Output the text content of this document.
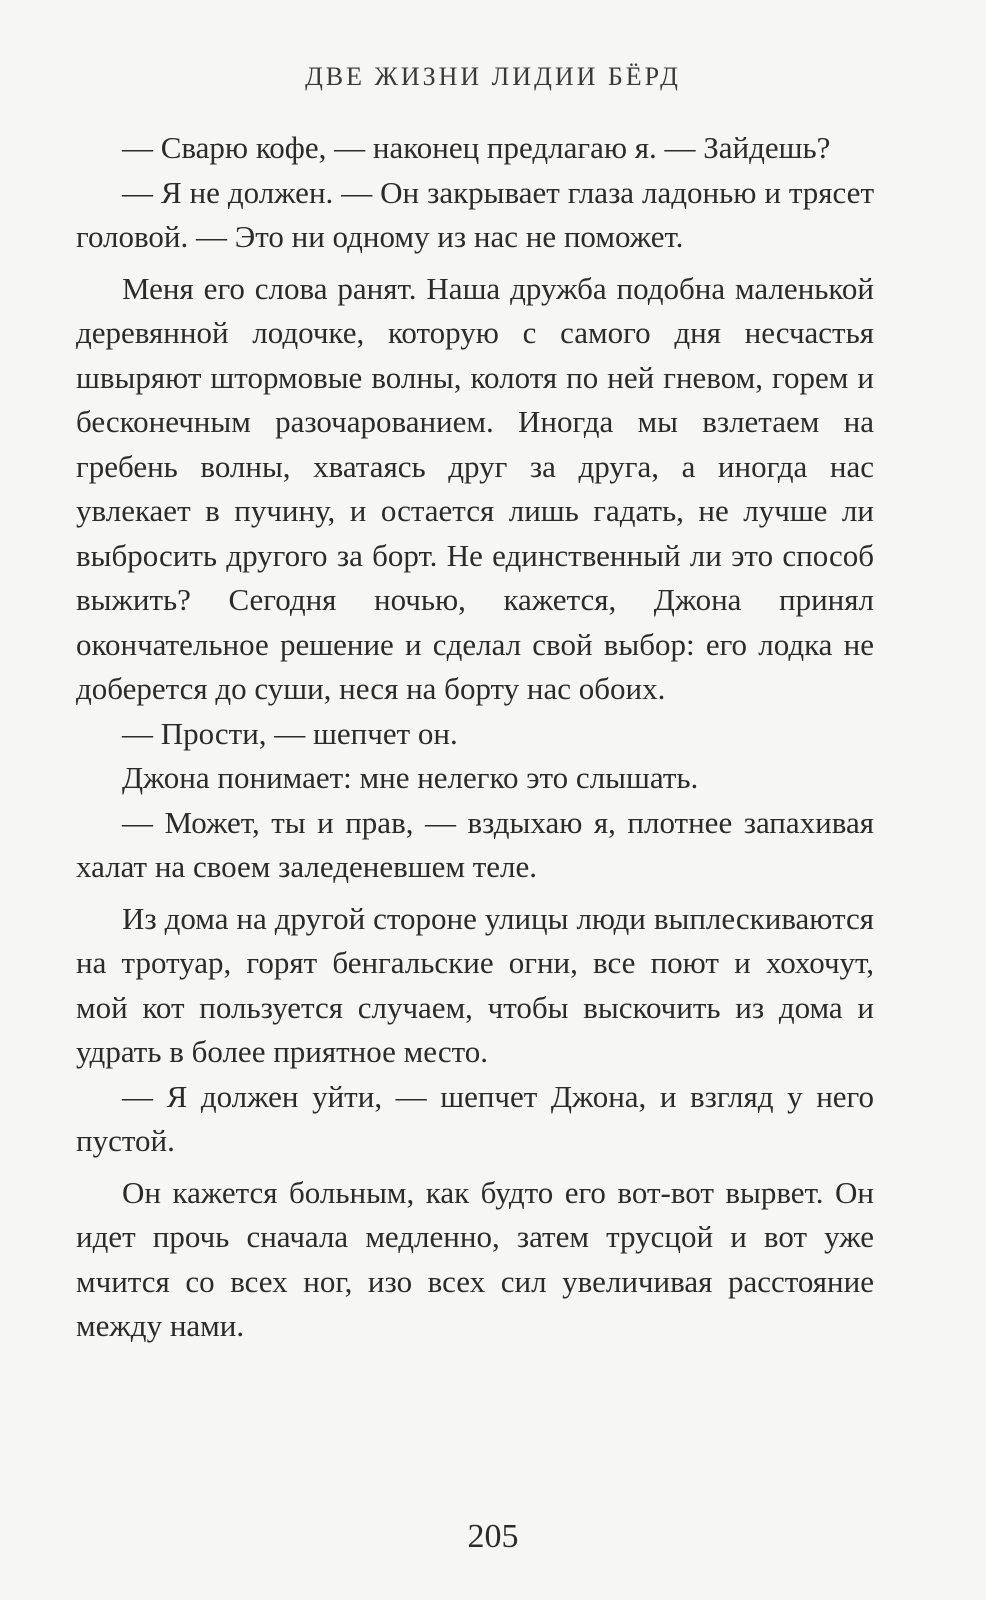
ДВЕ ЖИЗНИ ЛИДИИ БЁРД

— Сварю кофе, — наконец предлагаю я. — Зайдешь?

— Я не должен. — Он закрывает глаза ладонью и трясет головой. — Это ни одному из нас не поможет.

Меня его слова ранят. Наша дружба подобна маленькой деревянной лодочке, которую с самого дня несчастья швыряют штормовые волны, колотя по ней гневом, горем и бесконечным разочарованием. Иногда мы взлетаем на гребень волны, хватаясь друг за друга, а иногда нас увлекает в пучину, и остается лишь гадать, не лучше ли выбросить другого за борт. Не единственный ли это способ выжить? Сегодня ночью, кажется, Джона принял окончательное решение и сделал свой выбор: его лодка не доберется до суши, неся на борту нас обоих.

— Прости, — шепчет он.

Джона понимает: мне нелегко это слышать.

— Может, ты и прав, — вздыхаю я, плотнее запахивая халат на своем заледеневшем теле.

Из дома на другой стороне улицы люди выплескиваются на тротуар, горят бенгальские огни, все поют и хохочут, мой кот пользуется случаем, чтобы выскочить из дома и удрать в более приятное место.

— Я должен уйти, — шепчет Джона, и взгляд у него пустой.

Он кажется больным, как будто его вот-вот вырвет. Он идет прочь сначала медленно, затем трусцой и вот уже мчится со всех ног, изо всех сил увеличивая расстояние между нами.

205
